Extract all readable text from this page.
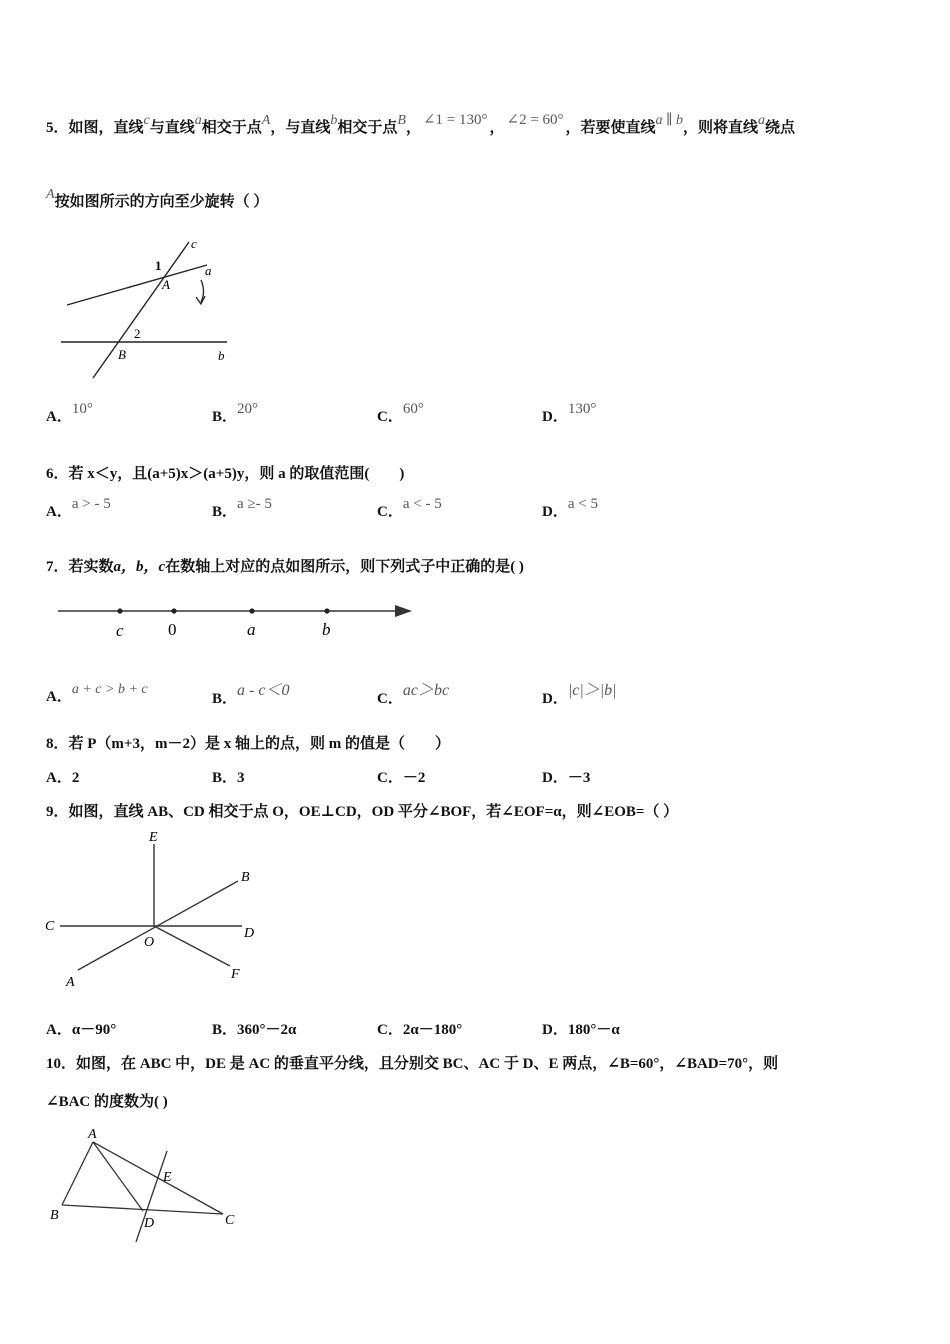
5．如图，直线c与直线a相交于点A，与直线b相交于点B， ∠1 = 130° ， ∠2 = 60° ，若要使直线a ∥ b，则将直线a绕点
A按如图所示的方向至少旋转（ ）
c
a
1
A
2
B	b
A．10°	B．20°	C．60°	D．130°
6．若 x＜y，且(a+5)x＞(a+5)y，则 a 的取值范围(　　)
A．a > - 5	B．a ≥- 5	C．a < - 5	D．a < 5
7．若实数a，b，c在数轴上对应的点如图所示，则下列式子中正确的是( )
c	0	a	b
A．a + c > b + c
B．a - c＜0	C．ac＞bc	D．|c|＞|b|
8．若 P（m+3，m－2）是 x 轴上的点，则 m 的值是（　　）
A．2	B．3	C．－2	D．－3
9．如图，直线 AB、CD 相交于点 O，OE⊥CD，OD 平分∠BOF，若∠EOF=α，则∠EOB=（ ）
E
B
C
O
D
A
F
A．α－90°	B．360°－2α	C．2α－180°	D．180°－α
10．如图，在 ABC 中，DE 是 AC 的垂直平分线，且分别交 BC、AC 于 D、E 两点，∠B=60°，∠BAD=70°，则
∠BAC 的度数为( )
A
E
B
D	C
